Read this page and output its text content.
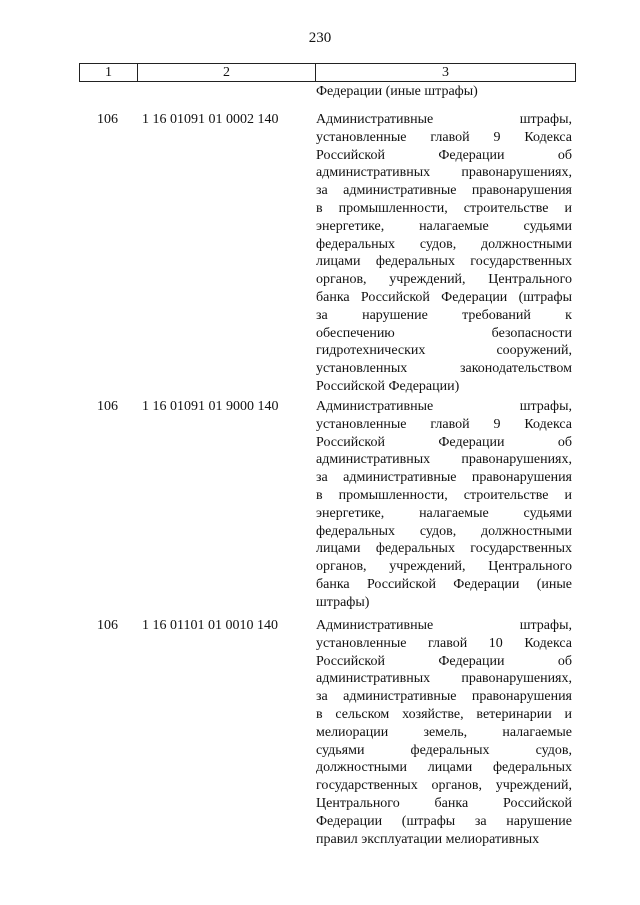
230
1	2	3
Федерации (иные штрафы)
106	1 16 01091 01 0002 140	Административные штрафы,
установленные главой 9 Кодекса
Российской Федерации об
административных правонарушениях,
за административные правонарушения
в промышленности, строительстве и
энергетике, налагаемые судьями
федеральных судов, должностными
лицами федеральных государственных
органов, учреждений, Центрального
банка Российской Федерации (штрафы
за нарушение требований к
обеспечению безопасности
гидротехнических сооружений,
установленных законодательством
Российской Федерации)
106	1 16 01091 01 9000 140	Административные штрафы,
установленные главой 9 Кодекса
Российской Федерации об
административных правонарушениях,
за административные правонарушения
в промышленности, строительстве и
энергетике, налагаемые судьями
федеральных судов, должностными
лицами федеральных государственных
органов, учреждений, Центрального
банка Российской Федерации (иные
штрафы)
106	1 16 01101 01 0010 140	Административные штрафы,
установленные главой 10 Кодекса
Российской Федерации об
административных правонарушениях,
за административные правонарушения
в сельском хозяйстве, ветеринарии и
мелиорации земель, налагаемые
судьями федеральных судов,
должностными лицами федеральных
государственных органов, учреждений,
Центрального банка Российской
Федерации (штрафы за нарушение
правил эксплуатации мелиоративных
